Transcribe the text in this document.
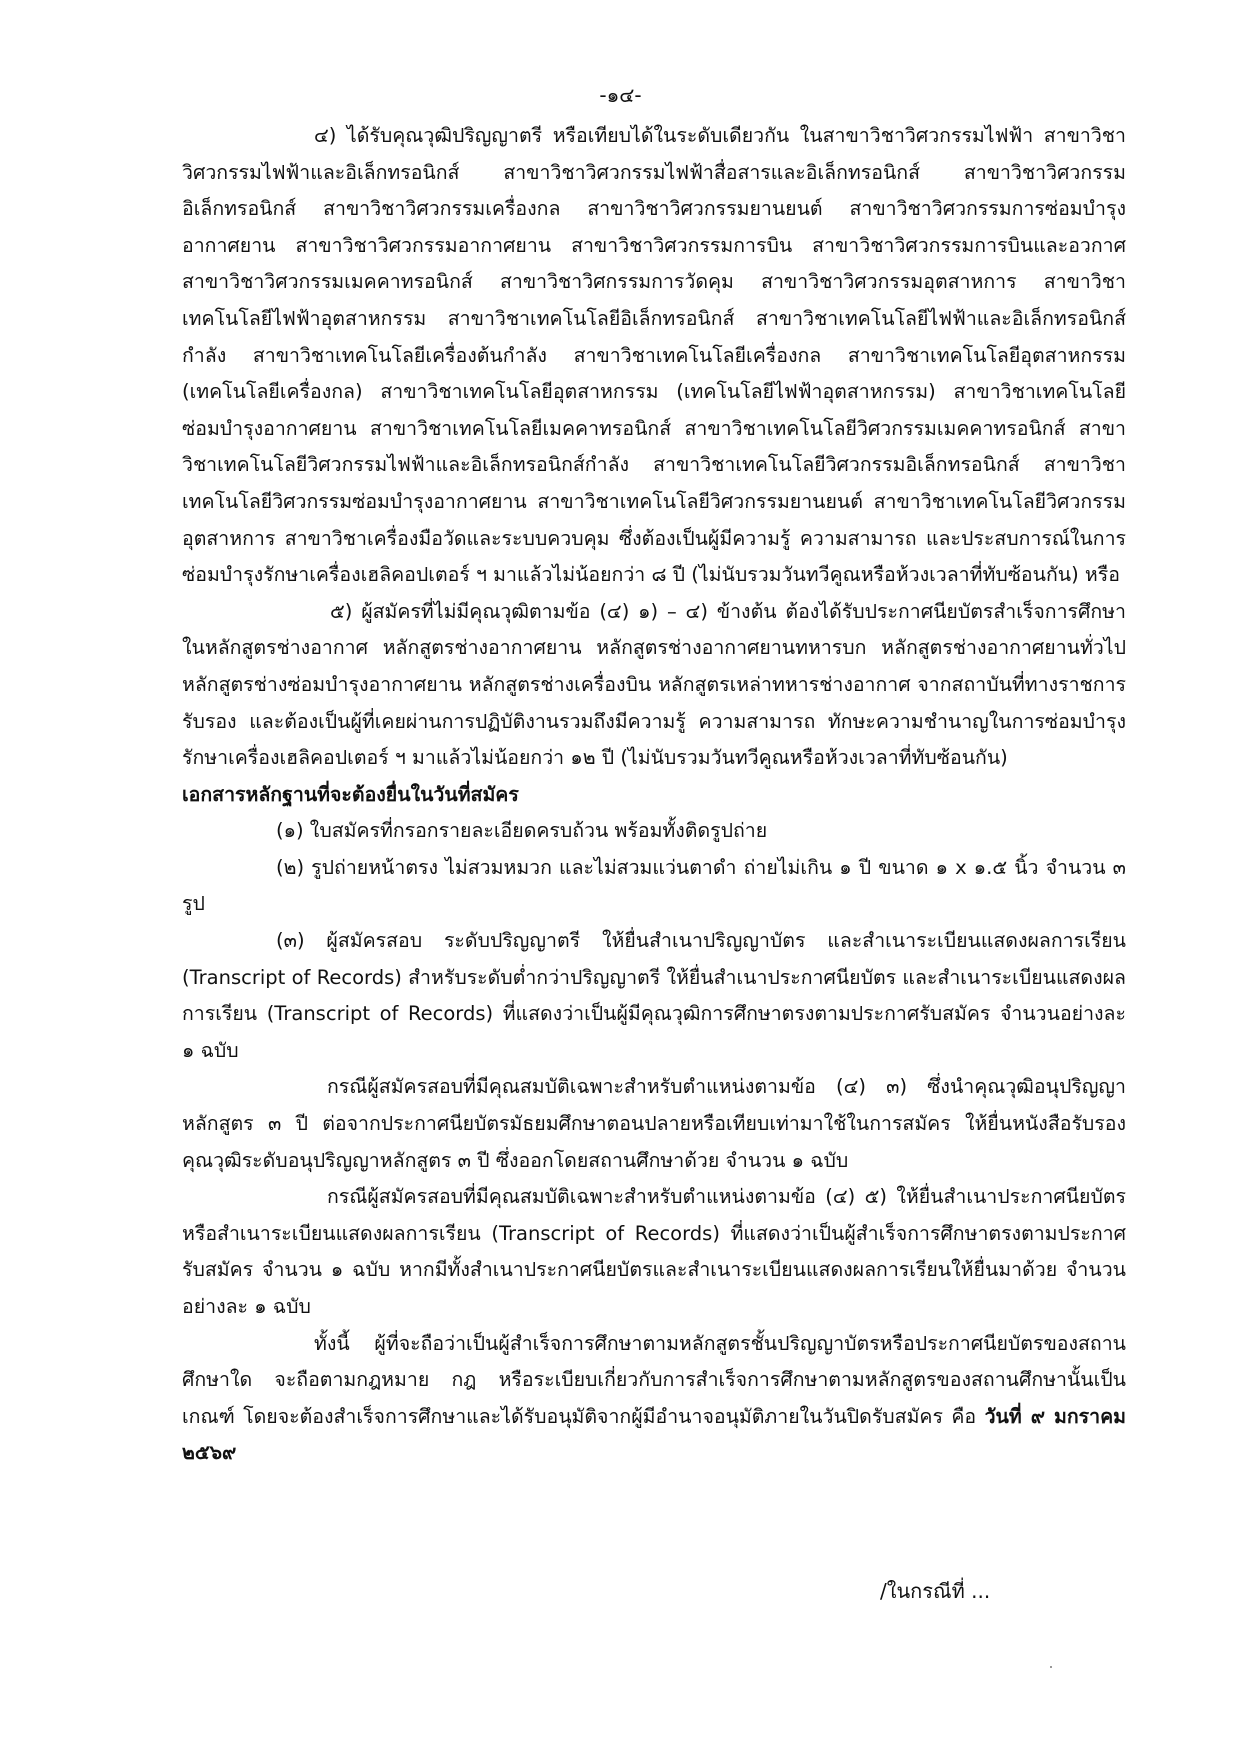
-๑๔-

๔) ได้รับคุณวุฒิปริญญาตรี หรือเทียบได้ในระดับเดียวกัน ในสาขาวิชาวิศวกรรมไฟฟ้า สาขาวิชาวิศวกรรมไฟฟ้าและอิเล็กทรอนิกส์ สาขาวิชาวิศวกรรมไฟฟ้าสื่อสารและอิเล็กทรอนิกส์ สาขาวิชาวิศวกรรมอิเล็กทรอนิกส์ สาขาวิชาวิศวกรรมเครื่องกล สาขาวิชาวิศวกรรมยานยนต์ สาขาวิชาวิศวกรรมการซ่อมบำรุงอากาศยาน สาขาวิชาวิศวกรรมอากาศยาน สาขาวิชาวิศวกรรมการบิน สาขาวิชาวิศวกรรมการบินและอวกาศ สาขาวิชาวิศวกรรมเมคคาทรอนิกส์ สาขาวิชาวิศกรรมการวัดคุม สาขาวิชาวิศวกรรมอุตสาหการ สาขาวิชาเทคโนโลยีไฟฟ้าอุตสาหกรรม สาขาวิชาเทคโนโลยีอิเล็กทรอนิกส์ สาขาวิชาเทคโนโลยีไฟฟ้าและอิเล็กทรอนิกส์กำลัง สาขาวิชาเทคโนโลยีเครื่องต้นกำลัง สาขาวิชาเทคโนโลยีเครื่องกล สาขาวิชาเทคโนโลยีอุตสาหกรรม (เทคโนโลยีเครื่องกล) สาขาวิชาเทคโนโลยีอุตสาหกรรม (เทคโนโลยีไฟฟ้าอุตสาหกรรม) สาขาวิชาเทคโนโลยีซ่อมบำรุงอากาศยาน สาขาวิชาเทคโนโลยีเมคคาทรอนิกส์ สาขาวิชาเทคโนโลยีวิศวกรรมเมคคาทรอนิกส์ สาขาวิชาเทคโนโลยีวิศวกรรมไฟฟ้าและอิเล็กทรอนิกส์กำลัง สาขาวิชาเทคโนโลยีวิศวกรรมอิเล็กทรอนิกส์ สาขาวิชาเทคโนโลยีวิศวกรรมซ่อมบำรุงอากาศยาน สาขาวิชาเทคโนโลยีวิศวกรรมยานยนต์ สาขาวิชาเทคโนโลยีวิศวกรรมอุตสาหการ สาขาวิชาเครื่องมือวัดและระบบควบคุม ซึ่งต้องเป็นผู้มีความรู้ ความสามารถ และประสบการณ์ในการซ่อมบำรุงรักษาเครื่องเฮลิคอปเตอร์ ฯ มาแล้วไม่น้อยกว่า ๘ ปี (ไม่นับรวมวันทวีคูณหรือห้วงเวลาที่ทับซ้อนกัน) หรือ

๕) ผู้สมัครที่ไม่มีคุณวุฒิตามข้อ (๔) ๑) – ๔) ข้างต้น ต้องได้รับประกาศนียบัตรสำเร็จการศึกษาในหลักสูตรช่างอากาศ หลักสูตรช่างอากาศยาน หลักสูตรช่างอากาศยานทหารบก หลักสูตรช่างอากาศยานทั่วไป หลักสูตรช่างซ่อมบำรุงอากาศยาน หลักสูตรช่างเครื่องบิน หลักสูตรเหล่าทหารช่างอากาศ จากสถาบันที่ทางราชการรับรอง และต้องเป็นผู้ที่เคยผ่านการปฏิบัติงานรวมถึงมีความรู้ ความสามารถ ทักษะความชำนาญในการซ่อมบำรุงรักษาเครื่องเฮลิคอปเตอร์ ฯ มาแล้วไม่น้อยกว่า ๑๒ ปี (ไม่นับรวมวันทวีคูณหรือห้วงเวลาที่ทับซ้อนกัน)

เอกสารหลักฐานที่จะต้องยื่นในวันที่สมัคร

(๑) ใบสมัครที่กรอกรายละเอียดครบถ้วน พร้อมทั้งติดรูปถ่าย

(๒) รูปถ่ายหน้าตรง ไม่สวมหมวก และไม่สวมแว่นตาดำ ถ่ายไม่เกิน ๑ ปี ขนาด ๑ x ๑.๕ นิ้ว จำนวน ๓ รูป

(๓) ผู้สมัครสอบ ระดับปริญญาตรี ให้ยื่นสำเนาปริญญาบัตร และสำเนาระเบียนแสดงผลการเรียน (Transcript of Records) สำหรับระดับต่ำกว่าปริญญาตรี ให้ยื่นสำเนาประกาศนียบัตร และสำเนาระเบียนแสดงผลการเรียน (Transcript of Records) ที่แสดงว่าเป็นผู้มีคุณวุฒิการศึกษาตรงตามประกาศรับสมัคร จำนวนอย่างละ ๑ ฉบับ

กรณีผู้สมัครสอบที่มีคุณสมบัติเฉพาะสำหรับตำแหน่งตามข้อ (๔) ๓) ซึ่งนำคุณวุฒิอนุปริญญาหลักสูตร ๓ ปี ต่อจากประกาศนียบัตรมัธยมศึกษาตอนปลายหรือเทียบเท่ามาใช้ในการสมัคร ให้ยื่นหนังสือรับรองคุณวุฒิระดับอนุปริญญาหลักสูตร ๓ ปี ซึ่งออกโดยสถานศึกษาด้วย จำนวน ๑ ฉบับ

กรณีผู้สมัครสอบที่มีคุณสมบัติเฉพาะสำหรับตำแหน่งตามข้อ (๔) ๕) ให้ยื่นสำเนาประกาศนียบัตรหรือสำเนาระเบียนแสดงผลการเรียน (Transcript of Records) ที่แสดงว่าเป็นผู้สำเร็จการศึกษาตรงตามประกาศรับสมัคร จำนวน ๑ ฉบับ หากมีทั้งสำเนาประกาศนียบัตรและสำเนาระเบียนแสดงผลการเรียนให้ยื่นมาด้วย จำนวนอย่างละ ๑ ฉบับ

ทั้งนี้ ผู้ที่จะถือว่าเป็นผู้สำเร็จการศึกษาตามหลักสูตรชั้นปริญญาบัตรหรือประกาศนียบัตรของสถานศึกษาใด จะถือตามกฎหมาย กฎ หรือระเบียบเกี่ยวกับการสำเร็จการศึกษาตามหลักสูตรของสถานศึกษานั้นเป็นเกณฑ์ โดยจะต้องสำเร็จการศึกษาและได้รับอนุมัติจากผู้มีอำนาจอนุมัติภายในวันปิดรับสมัคร คือ วันที่ ๙ มกราคม ๒๕๖๙

/ในกรณีที่ ...
